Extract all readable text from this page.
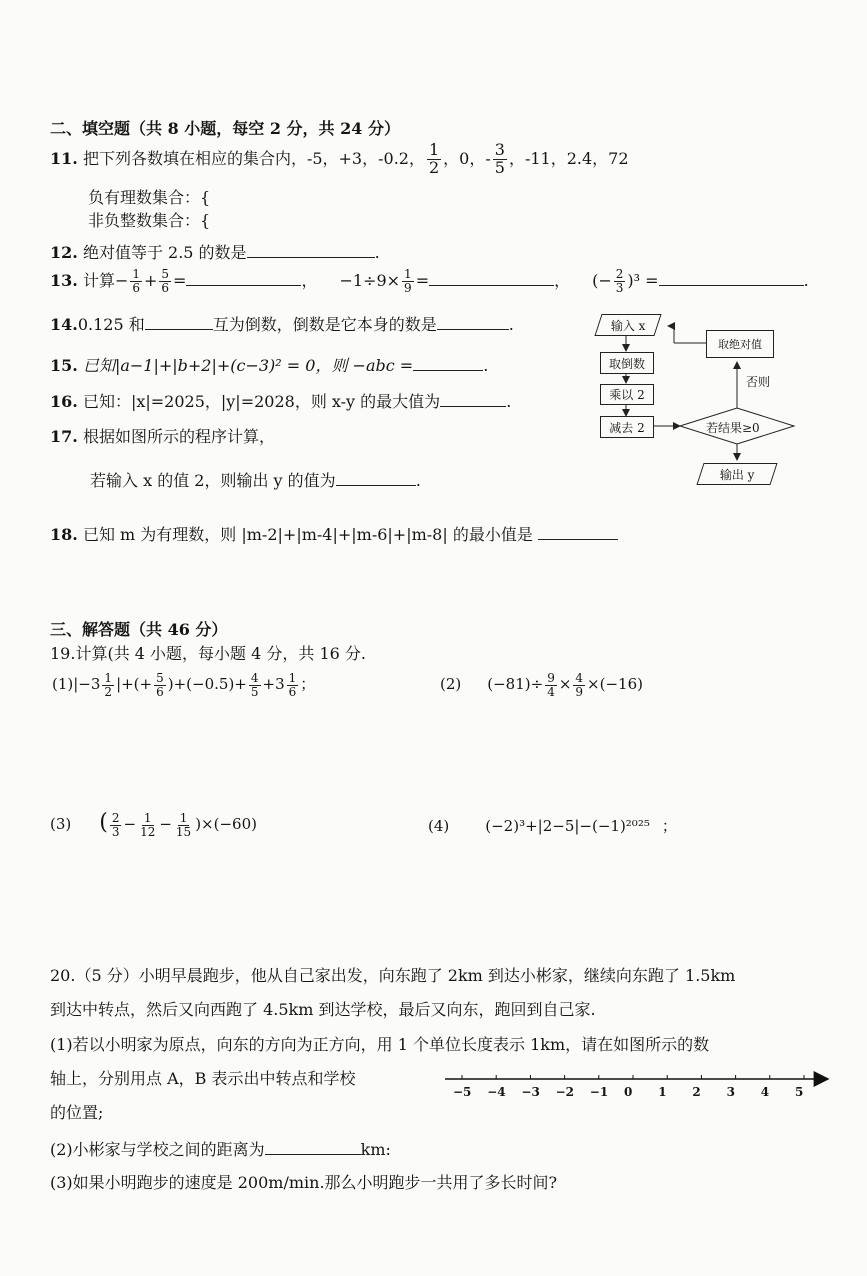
二、填空题（共 8 小题，每空 2 分，共 24 分）
11. 把下列各数填在相应的集合内，-5，+3，-0.2， $\frac{1}{2}$ ，0，- $\frac{3}{5}$ ，-11，2.4，72
负有理数集合：{
非负整数集合：{
12. 绝对值等于 2.5 的数是	.
13. 计算− $\frac{1}{6} + \frac{5}{6}$ =	， $-1\div 9\times \frac{1}{9}$ =	， (− $\frac{2}{3} )^3$ =	.
14.0.125 和	互为倒数，倒数是它本身的数是	.
15. 已知|a−1|+|b+2|+(c−3)² = 0，则 −abc =	.
16. 已知：|x|=2025，|y|=2028，则 x-y 的最大值为	.
17. 根据如图所示的程序计算，
若输入 x 的值 2，则输出 y 的值为	.
输入 x
取倒数
乘以 2
减去 2	若结果≥0
取绝对值
否则
输出 y
18. 已知 m 为有理数，则 |m-2|+|m-4|+|m-6|+|m-8| 的最小值是
三、解答题（共 46 分）
19.计算(共 4 小题，每小题 4 分，共 16 分.
$(1)|-3 \frac{1}{2}$ |+(+ $\frac{5}{6} )+(-0.5)+ \frac{4}{5} +3 \frac{1}{6}$ ；	(2) $(-81)\div \frac{9}{4} \times \frac{4}{9} \times(-16)$
(3) ( $\frac{2}{3} - \frac{1}{12} - \frac{1}{15} )\times(-60)$	(4) (−2)³+|2−5|−(−1)²⁰²⁵ ；
20.（5 分）小明早晨跑步，他从自己家出发，向东跑了 2km 到达小彬家，继续向东跑了 1.5km
到达中转点，然后又向西跑了 4.5km 到达学校，最后又向东，跑回到自己家.
(1)若以小明家为原点，向东的方向为正方向，用 1 个单位长度表示 1km，请在如图所示的数
轴上，分别用点 A，B 表示出中转点和学校
的位置;
(2)小彬家与学校之间的距离为	km:
(3)如果小明跑步的速度是 200m/min.那么小明跑步一共用了多长时间?
−5 −4 −3 −2 −1 0 1 2 3 4 5
